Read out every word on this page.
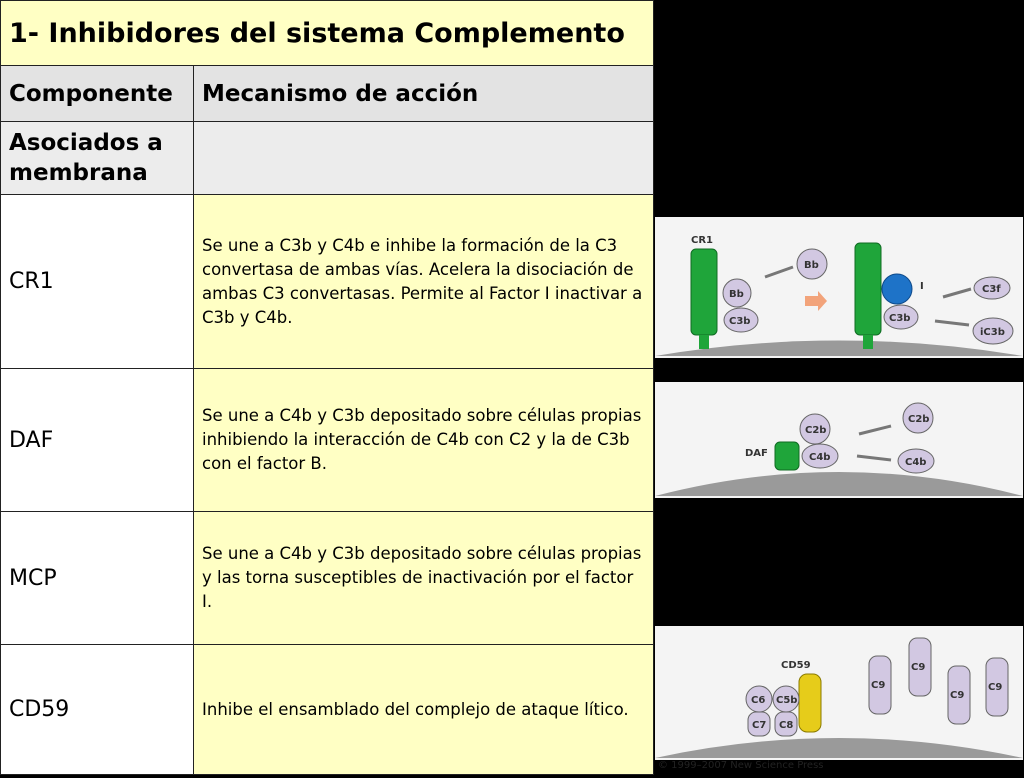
1- Inhibidores del sistema Complemento	
Componente	Mecanismo de acción
Asociados a membrana	
CR1	Se une a C3b y C4b e inhibe la formación de la C3 convertasa de ambas vías. Acelera la disociación de ambas C3 convertasas. Permite al Factor I inactivar a C3b y C4b.
DAF	Se une a C4b y C3b depositado sobre células propias inhibiendo la interacción de C4b con C2 y la de C3b con el factor B.
MCP	Se une a C4b y C3b depositado sobre células propias y las torna susceptibles de inactivación por el factor I.
CD59	Inhibe el ensamblado del complejo de ataque lítico.
CR1
Bb
C3b
Bb
I
C3b
C3f
iC3b
DAF
C2b
C4b
C2b
C4b
CD59
C6 C5b
C7 C8
C9
C9
C9
C9
© 1999–2007 New Science Press
